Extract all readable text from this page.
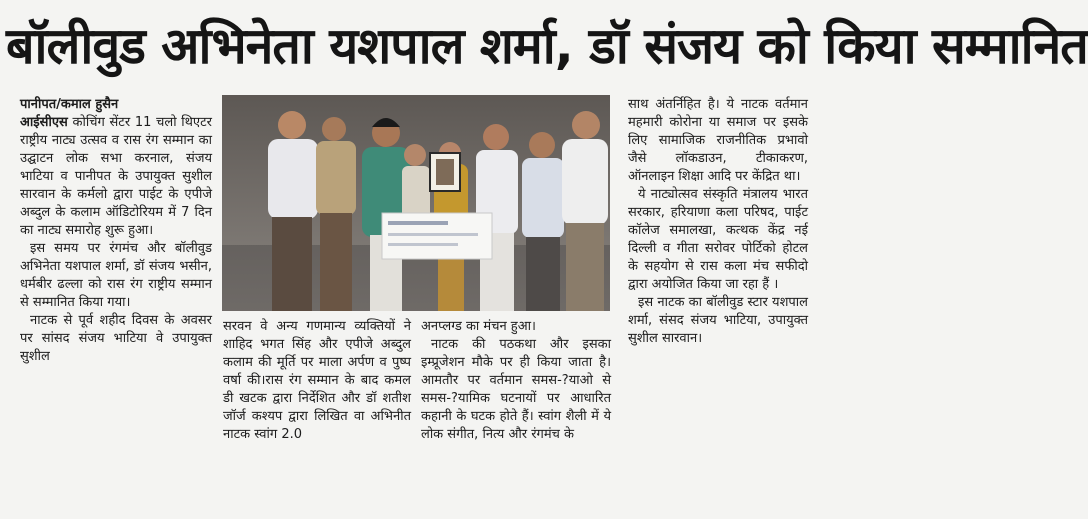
बॉलीवुड अभिनेता यशपाल शर्मा, डॉ संजय को किया सम्मानित

पानीपत/कमाल हुसैन
आईसीएस कोचिंग सेंटर 11 चलो थिएटर राष्ट्रीय नाट्य उत्सव व रास रंग सम्मान का उद्घाटन लोक सभा करनाल, संजय भाटिया व पानीपत के उपायुक्त सुशील सारवान के कर्मलो द्वारा पाईट के एपीजे अब्दुल के कलाम ऑडिटोरियम में 7 दिन का नाट्य समारोह शुरू हुआ।

इस समय पर रंगमंच और बॉलीवुड अभिनेता यशपाल शर्मा, डॉ संजय भसीन, धर्मबीर ढल्ला को रास रंग राष्ट्रीय सम्मान से सम्मानित किया गया।

नाटक से पूर्व शहीद दिवस के अवसर पर सांसद संजय भाटिया वे उपायुक्त सुशील

सरवन वे अन्य गणमान्य व्यक्तियों ने शाहिद भगत सिंह और एपीजे अब्दुल कलाम की मूर्ति पर माला अर्पण व पुष्प वर्षा की।रास रंग सम्मान के बाद कमल डी खटक द्वारा निर्देशित और डॉ शतीश जॉर्ज कश्यप द्वारा लिखित वा अभिनीत नाटक स्वांग 2.0

अनप्लग्ड का मंचन हुआ।

नाटक की पठकथा और इसका इम्प्रूजेशन मौके पर ही किया जाता है। आमतौर पर वर्तमान समस-?याओ से समस-?यामिक घटनायों पर आधारित कहानी के घटक होते हैं। स्वांग शैली में ये लोक संगीत, नित्य और रंगमंच के

साथ अंतर्निहित है। ये नाटक वर्तमान महमारी कोरोना या समाज पर इसके लिए सामाजिक राजनीतिक प्रभावो जैसे लॉकडाउन, टीकाकरण, ऑनलाइन शिक्षा आदि पर केंद्रित था।

ये नाट्योत्सव संस्कृति मंत्रालय भारत सरकार, हरियाणा कला परिषद, पाईट कॉलेज समालखा, कत्थक केंद्र नई दिल्ली व गीता सरोवर पोर्टिको होटल के सहयोग से रास कला मंच सफीदो द्वारा अयोजित किया जा रहा हैं ।

इस नाटक का बॉलीवुड स्टार यशपाल शर्मा, संसद संजय भाटिया, उपायुक्त सुशील सारवान।
